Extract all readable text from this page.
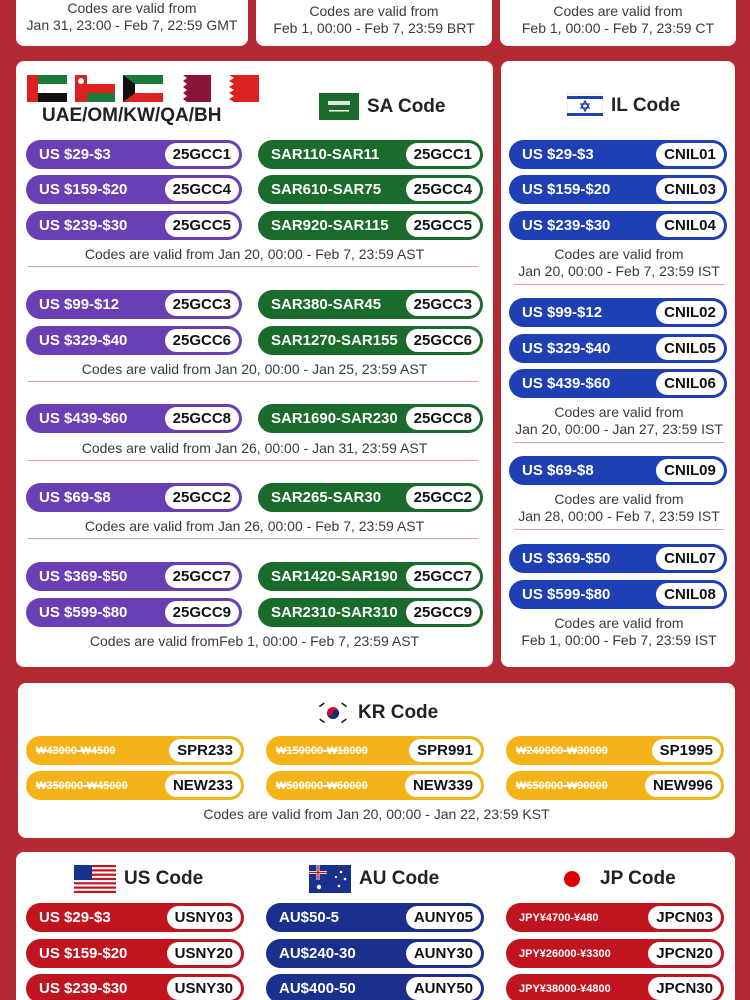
Codes are valid from
Jan 31, 23:00 - Feb 7, 22:59 GMT
Codes are valid from
Feb 1, 00:00 - Feb 7, 23:59 BRT
Codes are valid from
Feb 1, 00:00 - Feb 7, 23:59 CT
UAE/OM/KW/QA/BH	SA Code
US $29-$3	25GCC1	SAR110-SAR11	25GCC1
US $159-$20	25GCC4	SAR610-SAR75	25GCC4
US $239-$30	25GCC5	SAR920-SAR115	25GCC5
US $99-$12	25GCC3	SAR380-SAR45	25GCC3
US $329-$40	25GCC6	SAR1270-SAR155	25GCC6
US $439-$60	25GCC8	SAR1690-SAR230	25GCC8
US $69-$8	25GCC2	SAR265-SAR30	25GCC2
US $369-$50	25GCC7	SAR1420-SAR190	25GCC7
US $599-$80	25GCC9	SAR2310-SAR310	25GCC9
Codes are valid from Jan 20, 00:00 - Feb 7, 23:59 AST
Codes are valid from Jan 20, 00:00 - Jan 25, 23:59 AST
Codes are valid from Jan 26, 00:00 - Jan 31, 23:59 AST
Codes are valid from Jan 26, 00:00 - Feb 7, 23:59 AST
Codes are valid fromFeb 1, 00:00 - Feb 7, 23:59 AST
IL Code
US $29-$3	CNIL01
US $159-$20	CNIL03
US $239-$30	CNIL04
US $99-$12	CNIL02
US $329-$40	CNIL05
US $439-$60	CNIL06
US $69-$8	CNIL09
US $369-$50	CNIL07
US $599-$80	CNIL08
Codes are valid from
Jan 20, 00:00 - Feb 7, 23:59 IST
Codes are valid from
Jan 20, 00:00 - Jan 27, 23:59 IST
Codes are valid from
Jan 28, 00:00 - Feb 7, 23:59 IST
Codes are valid from
Feb 1, 00:00 - Feb 7, 23:59 IST
KR Code
Codes are valid from Jan 20, 00:00 - Jan 22, 23:59 KST
₩43000-₩4500	SPR233	₩150000-₩18000	SPR991	₩240000-₩30000	SP1995
₩350000-₩45000	NEW233	₩500000-₩60000	NEW339	₩650000-₩90000	NEW996
US Code	AU Code	JP Code
US $29-$3	USNY03	AU$50-5	AUNY05	JPY¥4700-¥480	JPCN03
US $159-$20	USNY20	AU$240-30	AUNY30	JPY¥26000-¥3300	JPCN20
US $239-$30	USNY30	AU$400-50	AUNY50	JPY¥38000-¥4800	JPCN30
